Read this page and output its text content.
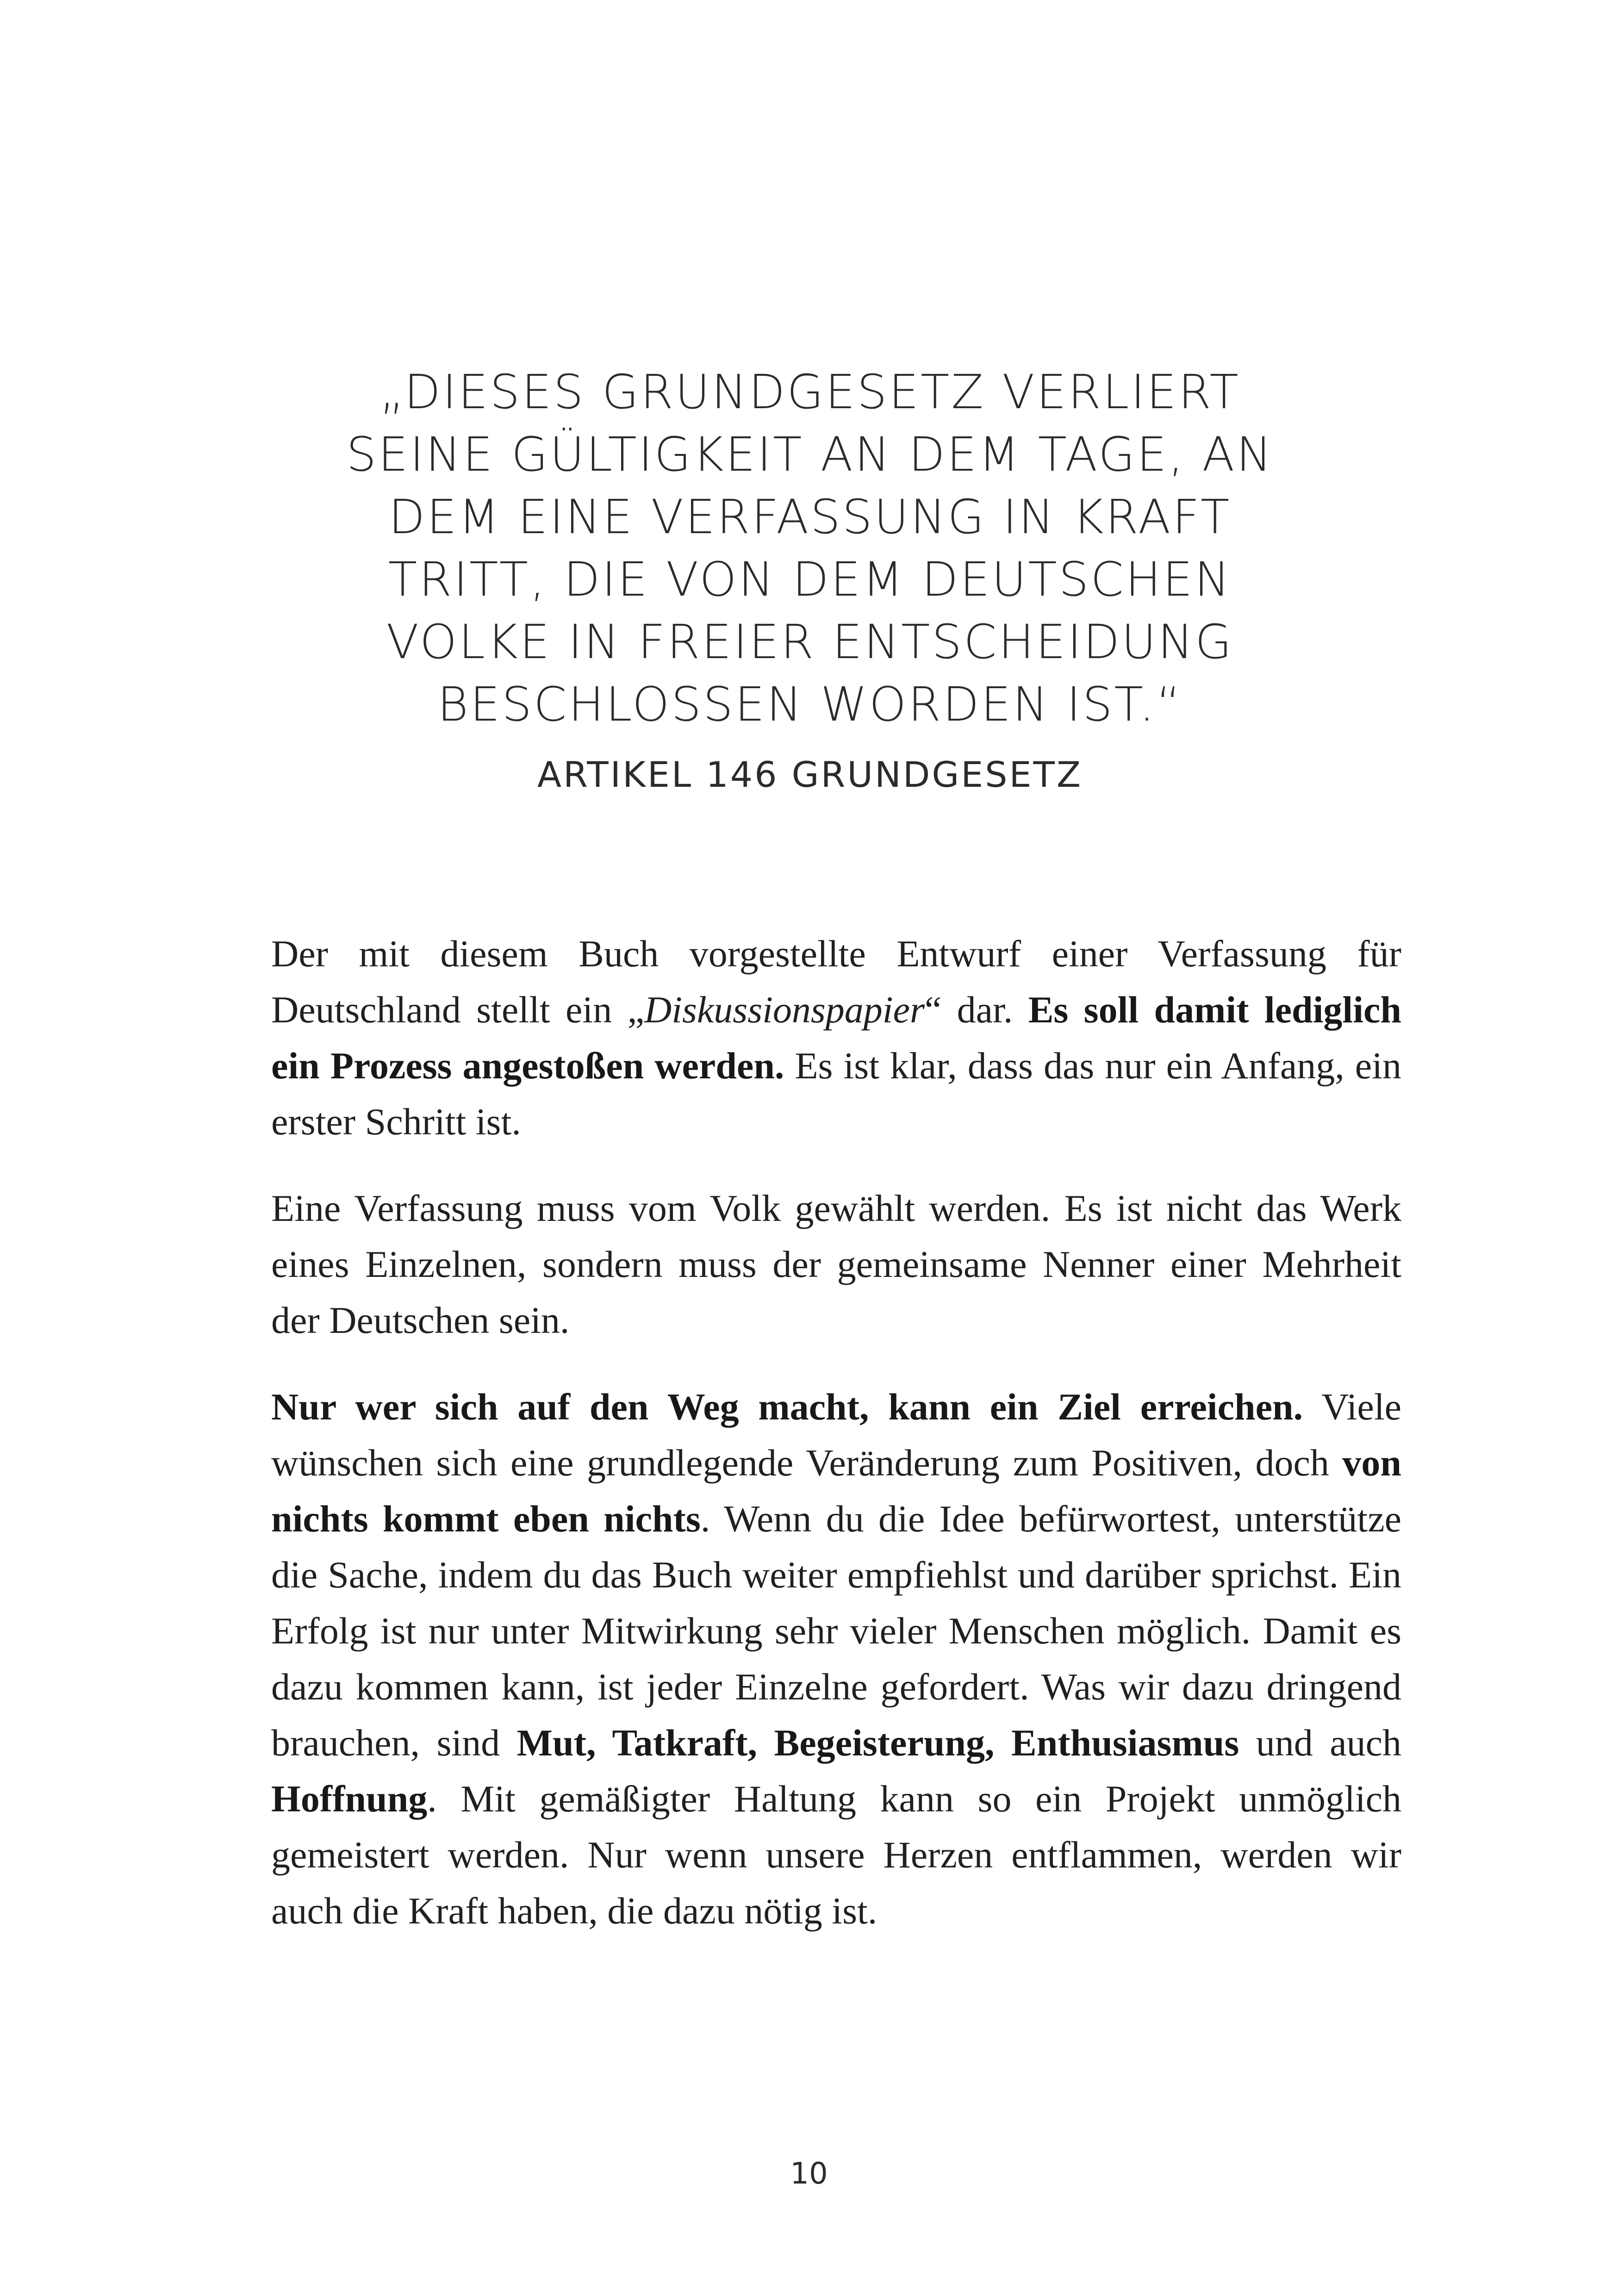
„DIESES GRUNDGESETZ VERLIERT
SEINE GÜLTIGKEIT AN DEM TAGE, AN
DEM EINE VERFASSUNG IN KRAFT
TRITT, DIE VON DEM DEUTSCHEN
VOLKE IN FREIER ENTSCHEIDUNG
BESCHLOSSEN WORDEN IST.“
ARTIKEL 146 GRUNDGESETZ

Der mit diesem Buch vorgestellte Entwurf einer Verfassung für Deutschland stellt ein „Diskussionspapier“ dar. Es soll damit lediglich ein Prozess angestoßen werden. Es ist klar, dass das nur ein Anfang, ein erster Schritt ist.

Eine Verfassung muss vom Volk gewählt werden. Es ist nicht das Werk eines Einzelnen, sondern muss der gemeinsame Nenner einer Mehrheit der Deutschen sein.

Nur wer sich auf den Weg macht, kann ein Ziel erreichen. Viele wünschen sich eine grundlegende Veränderung zum Positiven, doch von nichts kommt eben nichts. Wenn du die Idee befürwortest, unterstütze die Sache, indem du das Buch weiter empfiehlst und darüber sprichst. Ein Erfolg ist nur unter Mitwirkung sehr vieler Menschen möglich. Damit es dazu kommen kann, ist jeder Einzelne gefordert. Was wir dazu dringend brauchen, sind Mut, Tatkraft, Begeisterung, Enthusiasmus und auch Hoffnung. Mit gemäßigter Haltung kann so ein Projekt unmöglich gemeistert werden. Nur wenn unsere Herzen entflammen, werden wir auch die Kraft haben, die dazu nötig ist.

10
